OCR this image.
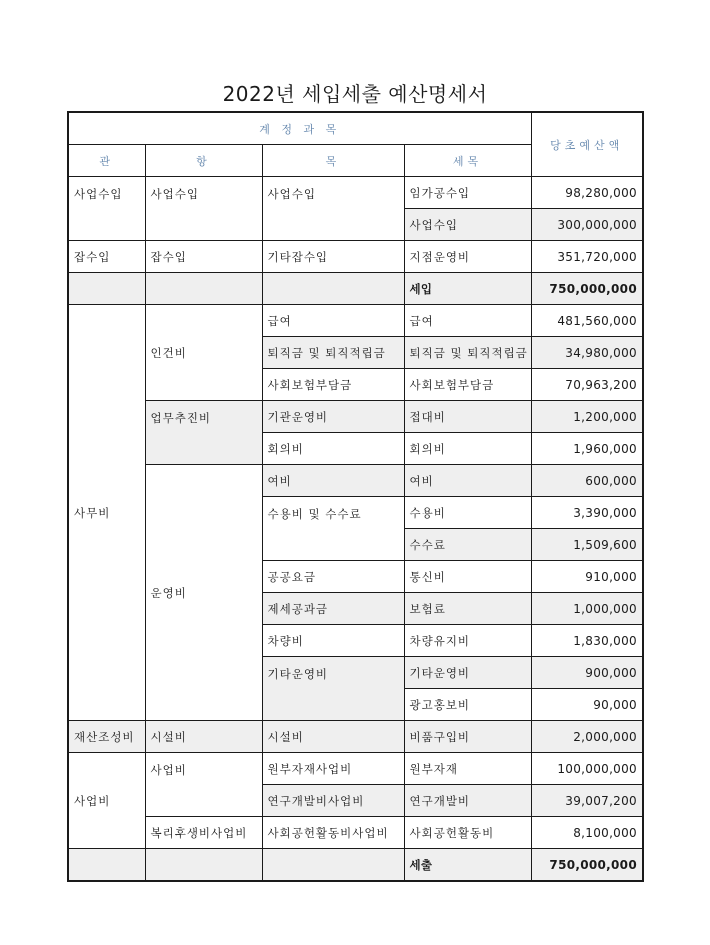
2022년 세입세출 예산명세서
계 정 과 목				당초예산액
관	항	목	세목	
사업수입	사업수입	사업수입	임가공수입	98,280,000
			사업수입	300,000,000
잡수입	잡수입	기타잡수입	지점운영비	351,720,000
			세입	750,000,000
사무비	인건비	급여	급여	481,560,000
		퇴직금 및 퇴직적립금	퇴직금 및 퇴직적립금	34,980,000
		사회보험부담금	사회보험부담금	70,963,200
	업무추진비	기관운영비	접대비	1,200,000
		회의비	회의비	1,960,000
	운영비	여비	여비	600,000
		수용비 및 수수료	수용비	3,390,000
			수수료	1,509,600
		공공요금	통신비	910,000
		제세공과금	보험료	1,000,000
		차량비	차량유지비	1,830,000
		기타운영비	기타운영비	900,000
			광고홍보비	90,000
재산조성비	시설비	시설비	비품구입비	2,000,000
사업비	사업비	원부자재사업비	원부자재	100,000,000
		연구개발비사업비	연구개발비	39,007,200
	복리후생비사업비	사회공헌활동비사업비	사회공헌활동비	8,100,000
			세출	750,000,000
